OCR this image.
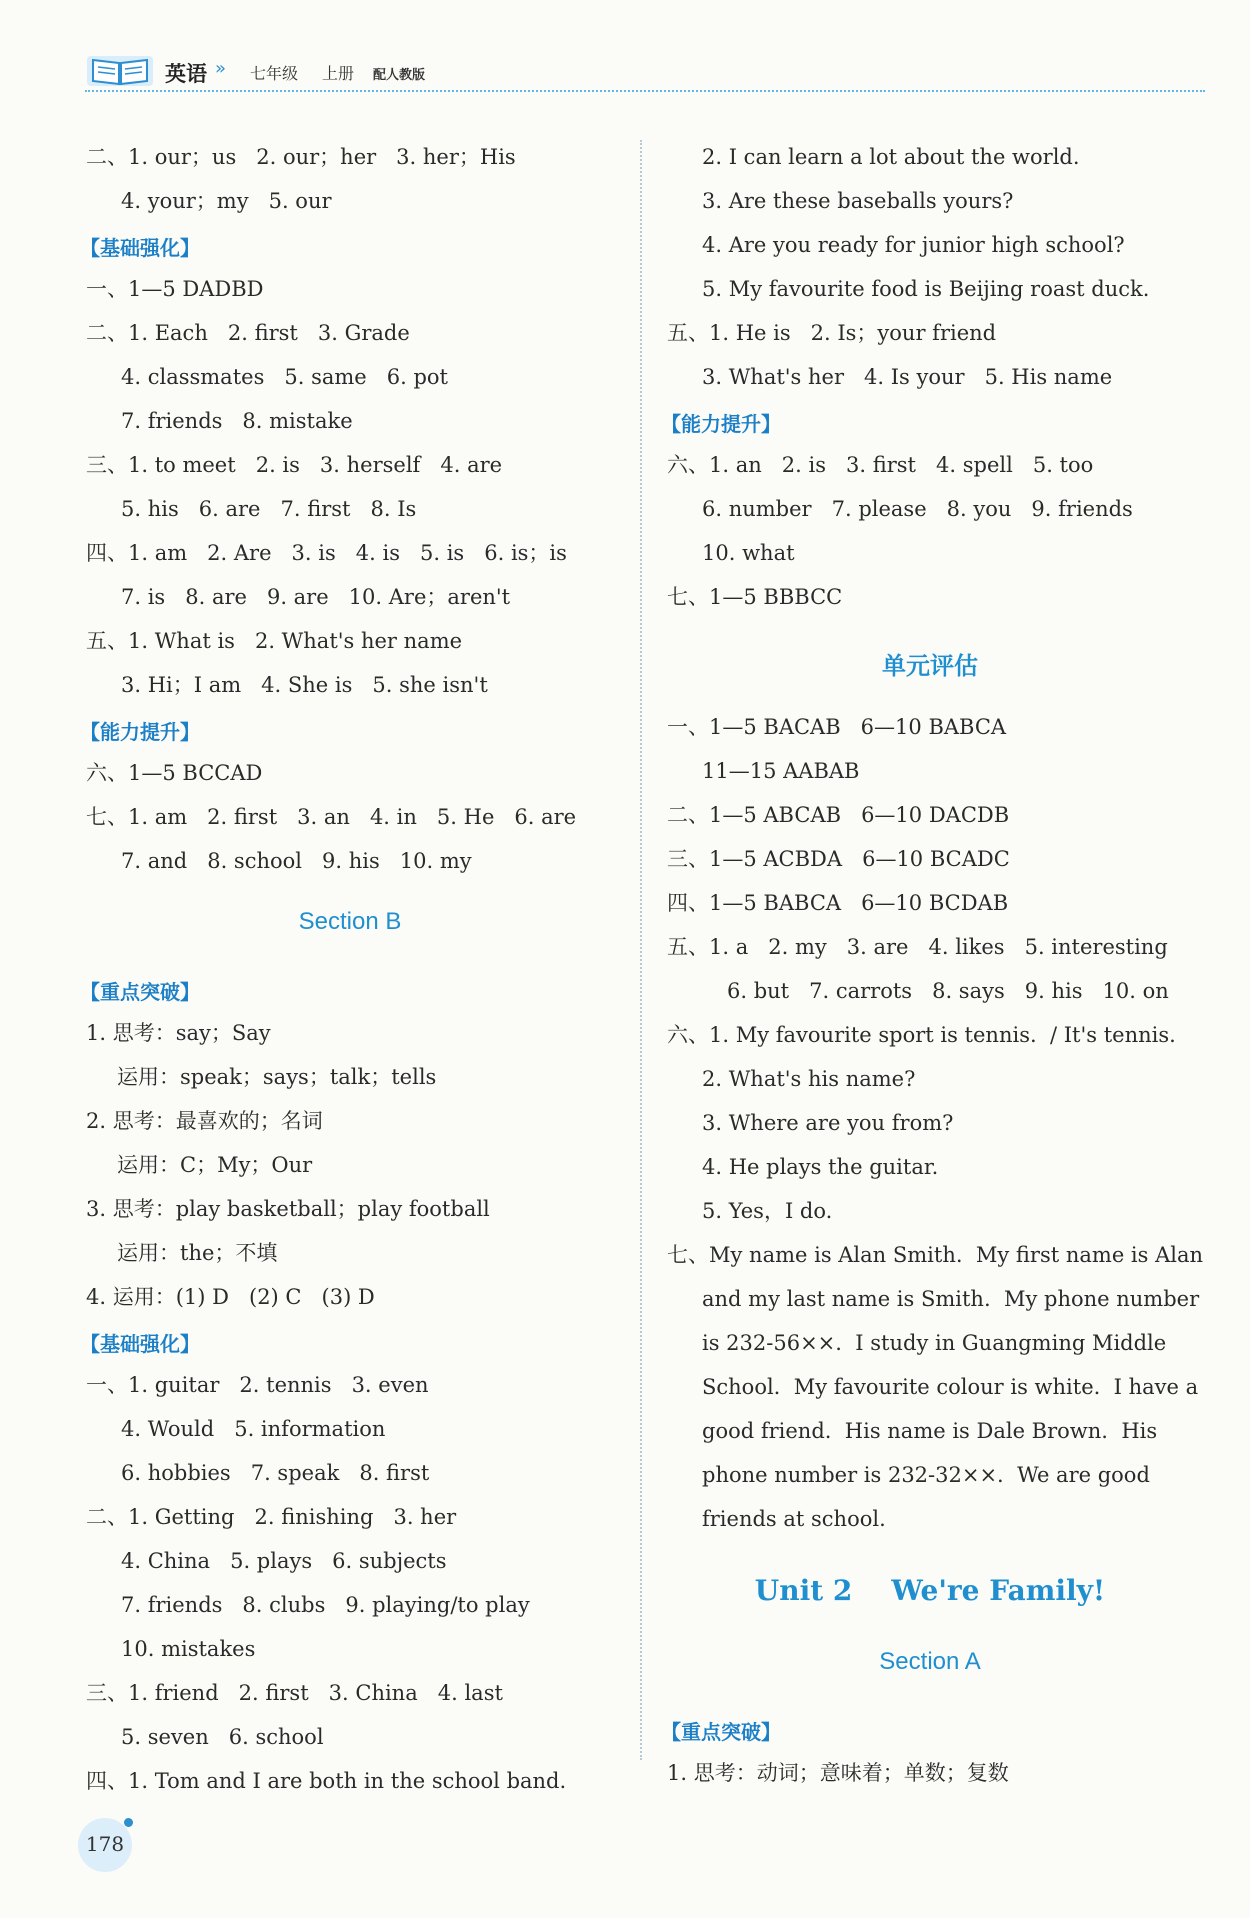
英语 » 七年级 上册 配人教版
二、1. our；us   2. our；her   3. her；His
4. your；my   5. our
【基础强化】
一、1—5 DADBD
二、1. Each   2. first   3. Grade
4. classmates   5. same   6. pot
7. friends   8. mistake
三、1. to meet   2. is   3. herself   4. are
5. his   6. are   7. first   8. Is
四、1. am   2. Are   3. is   4. is   5. is   6. is；is
7. is   8. are   9. are   10. Are；aren't
五、1. What is   2. What's her name
3. Hi；I am   4. She is   5. she isn't
【能力提升】
六、1—5 BCCAD
七、1. am   2. first   3. an   4. in   5. He   6. are
7. and   8. school   9. his   10. my
Section B
【重点突破】
1. 思考：say；Say
运用：speak；says；talk；tells
2. 思考：最喜欢的；名词
运用：C；My；Our
3. 思考：play basketball；play football
运用：the；不填
4. 运用：(1) D   (2) C   (3) D
【基础强化】
一、1. guitar   2. tennis   3. even
4. Would   5. information
6. hobbies   7. speak   8. first
二、1. Getting   2. finishing   3. her
4. China   5. plays   6. subjects
7. friends   8. clubs   9. playing/to play
10. mistakes
三、1. friend   2. first   3. China   4. last
5. seven   6. school
四、1. Tom and I are both in the school band.
2. I can learn a lot about the world.
3. Are these baseballs yours?
4. Are you ready for junior high school?
5. My favourite food is Beijing roast duck.
五、1. He is   2. Is；your friend
3. What's her   4. Is your   5. His name
【能力提升】
六、1. an   2. is   3. first   4. spell   5. too
6. number   7. please   8. you   9. friends
10. what
七、1—5 BBBCC
单元评估
一、1—5 BACAB   6—10 BABCA
11—15 AABAB
二、1—5 ABCAB   6—10 DACDB
三、1—5 ACBDA   6—10 BCADC
四、1—5 BABCA   6—10 BCDAB
五、1. a   2. my   3. are   4. likes   5. interesting
6. but   7. carrots   8. says   9. his   10. on
六、1. My favourite sport is tennis.  / It's tennis.
2. What's his name?
3. Where are you from?
4. He plays the guitar.
5. Yes，I do.
七、My name is Alan Smith.  My first name is Alan
and my last name is Smith.  My phone number
is 232-56××.  I study in Guangming Middle
School.  My favourite colour is white.  I have a
good friend.  His name is Dale Brown.  His
phone number is 232-32××.  We are good
friends at school.
Unit 2    We're Family!
Section A
【重点突破】
1. 思考：动词；意味着；单数；复数
178
